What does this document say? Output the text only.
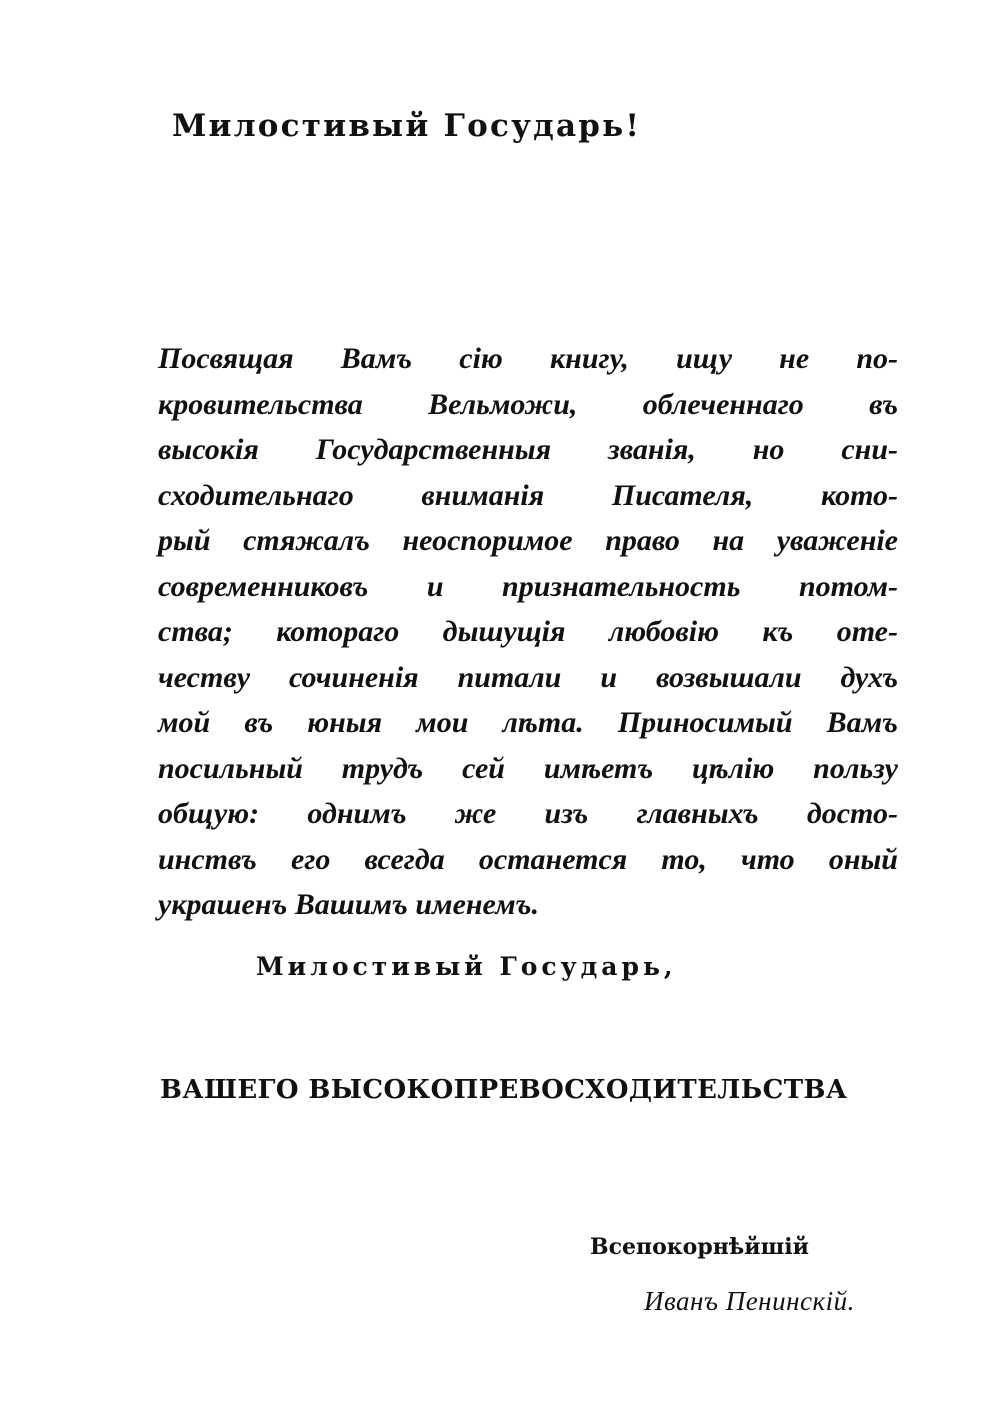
Милостивый Государь!
Посвящая Вамъ сію книгу, ищу не по-
кровительства Вельможи, облеченнаго въ
высокія Государственныя званія, но сни-
сходительнаго вниманія Писателя, кото-
рый стяжалъ неоспоримое право на уваженіе
современниковъ и признательность потом-
ства; котораго дышущія любовію къ оте-
честву сочиненія питали и возвышали духъ
мой въ юныя мои лѣта. Приносимый Вамъ
посильный трудъ сей имѣетъ цѣлію пользу
общую: однимъ же изъ главныхъ досто-
инствъ его всегда останется то, что оный
украшенъ Вашимъ именемъ.
Милостивый Государь,
ВАШЕГО ВЫСОКОПРЕВОСХОДИТЕЛЬСТВА
Всепокорнѣйшій
Иванъ Пенинскій.
